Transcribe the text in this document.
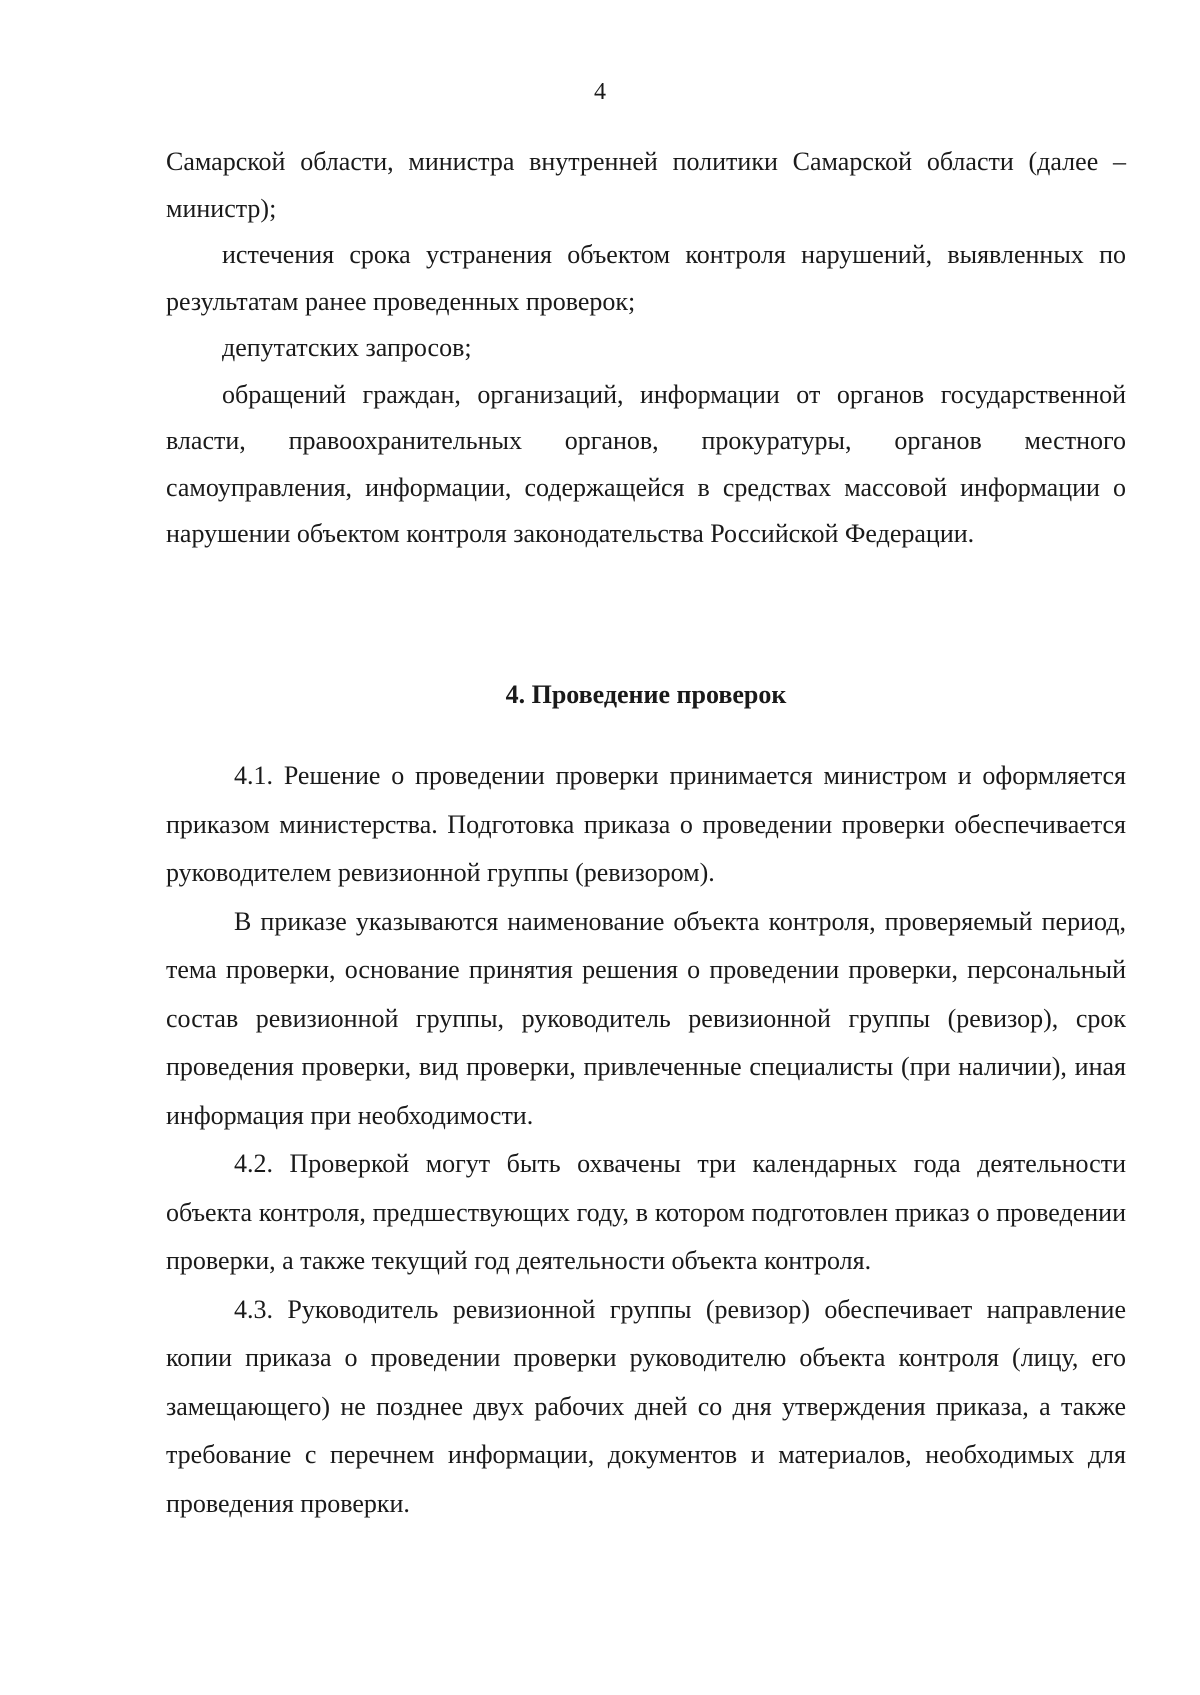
4

Самарской области, министра внутренней политики Самарской области (далее – министр);

истечения срока устранения объектом контроля нарушений, выявленных по результатам ранее проведенных проверок;

депутатских запросов;

обращений граждан, организаций, информации от органов государственной власти, правоохранительных органов, прокуратуры, органов местного самоуправления, информации, содержащейся в средствах массовой информации о нарушении объектом контроля законодательства Российской Федерации.

4. Проведение проверок

4.1. Решение о проведении проверки принимается министром и оформляется приказом министерства. Подготовка приказа о проведении проверки обеспечивается руководителем ревизионной группы (ревизором).

В приказе указываются наименование объекта контроля, проверяемый период, тема проверки, основание принятия решения о проведении проверки, персональный состав ревизионной группы, руководитель ревизионной группы (ревизор), срок проведения проверки, вид проверки, привлеченные специалисты (при наличии), иная информация при необходимости.

4.2. Проверкой могут быть охвачены три календарных года деятельности объекта контроля, предшествующих году, в котором подготовлен приказ о проведении проверки, а также текущий год деятельности объекта контроля.

4.3. Руководитель ревизионной группы (ревизор) обеспечивает направление копии приказа о проведении проверки руководителю объекта контроля (лицу, его замещающего) не позднее двух рабочих дней со дня утверждения приказа, а также требование с перечнем информации, документов и материалов, необходимых для проведения проверки.
